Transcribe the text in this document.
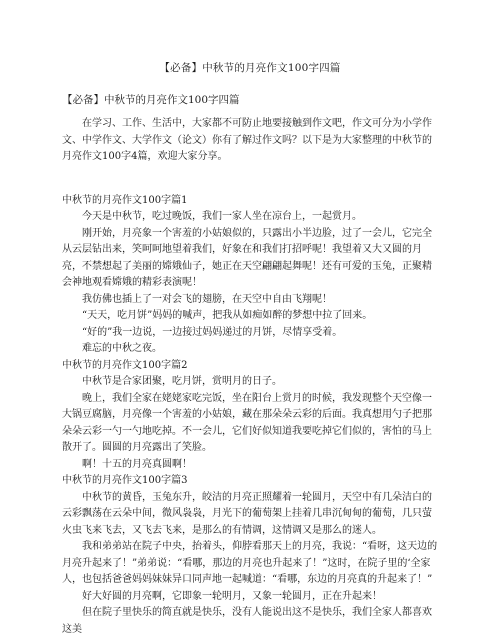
【必备】中秋节的月亮作文100字四篇
【必备】中秋节的月亮作文100字四篇

在学习、工作、生活中，大家都不可防止地要接触到作文吧，作文可分为小学作文、中学作文、大学作文（论文）你有了解过作文吗？以下是为大家整理的中秋节的月亮作文100字4篇，欢迎大家分享。

中秋节的月亮作文100字篇1

今天是中秋节，吃过晚饭，我们一家人坐在凉台上，一起赏月。

刚开始，月亮象一个害羞的小姑娘似的，只露出小半边脸，过了一会儿，它完全从云层钻出来，笑呵呵地望着我们，好象在和我们打招呼呢！我望着又大又圆的月亮，不禁想起了美丽的嫦娥仙子，她正在天空翩翩起舞呢！还有可爱的玉兔，正聚精会神地观看嫦娥的精彩表演呢！

我仿佛也插上了一对会飞的翅膀，在天空中自由飞翔呢！

“天天，吃月饼”妈妈的喊声，把我从如痴如醉的梦想中拉了回来。

“好的”我一边说，一边接过妈妈递过的月饼，尽情享受着。

难忘的中秋之夜。

中秋节的月亮作文100字篇2

中秋节是合家团聚，吃月饼，赏明月的日子。

晚上，我们全家在姥姥家吃完饭，坐在阳台上赏月的时候，我发现整个天空像一大锅豆腐脑，月亮像一个害羞的小姑娘，藏在那朵朵云彩的后面。我真想用勺子把那朵朵云彩一勺一勺地吃掉。不一会儿，它们好似知道我要吃掉它们似的，害怕的马上散开了。圆圆的月亮露出了笑脸。

啊！十五的月亮真圆啊！

中秋节的月亮作文100字篇3

中秋节的黄昏，玉兔东升，皎洁的月亮正照耀着一轮圆月，天空中有几朵洁白的云彩飘荡在云朵中间，微风袅袅，月光下的葡萄架上挂着几串沉甸甸的葡萄，几只萤火虫飞来飞去，又飞去飞来，是那么的有情调，这情调又是那么的迷人。

我和弟弟站在院子中央，抬着头，仰脖看那天上的月亮，我说：“看呀，这天边的月亮升起来了！”弟弟说：“看哪，那边的月亮也升起来了！”这时，在院子里的‘全家人，也包括爸爸妈妈妹妹异口同声地一起喊道：“看哪，东边的月亮真的升起来了！”

好大好圆的月亮啊，它即象一轮明月，又象一轮圆月，正在升起来！

但在院子里快乐的简直就是快乐，没有人能说出这不是快乐，我们全家人都喜欢这美
